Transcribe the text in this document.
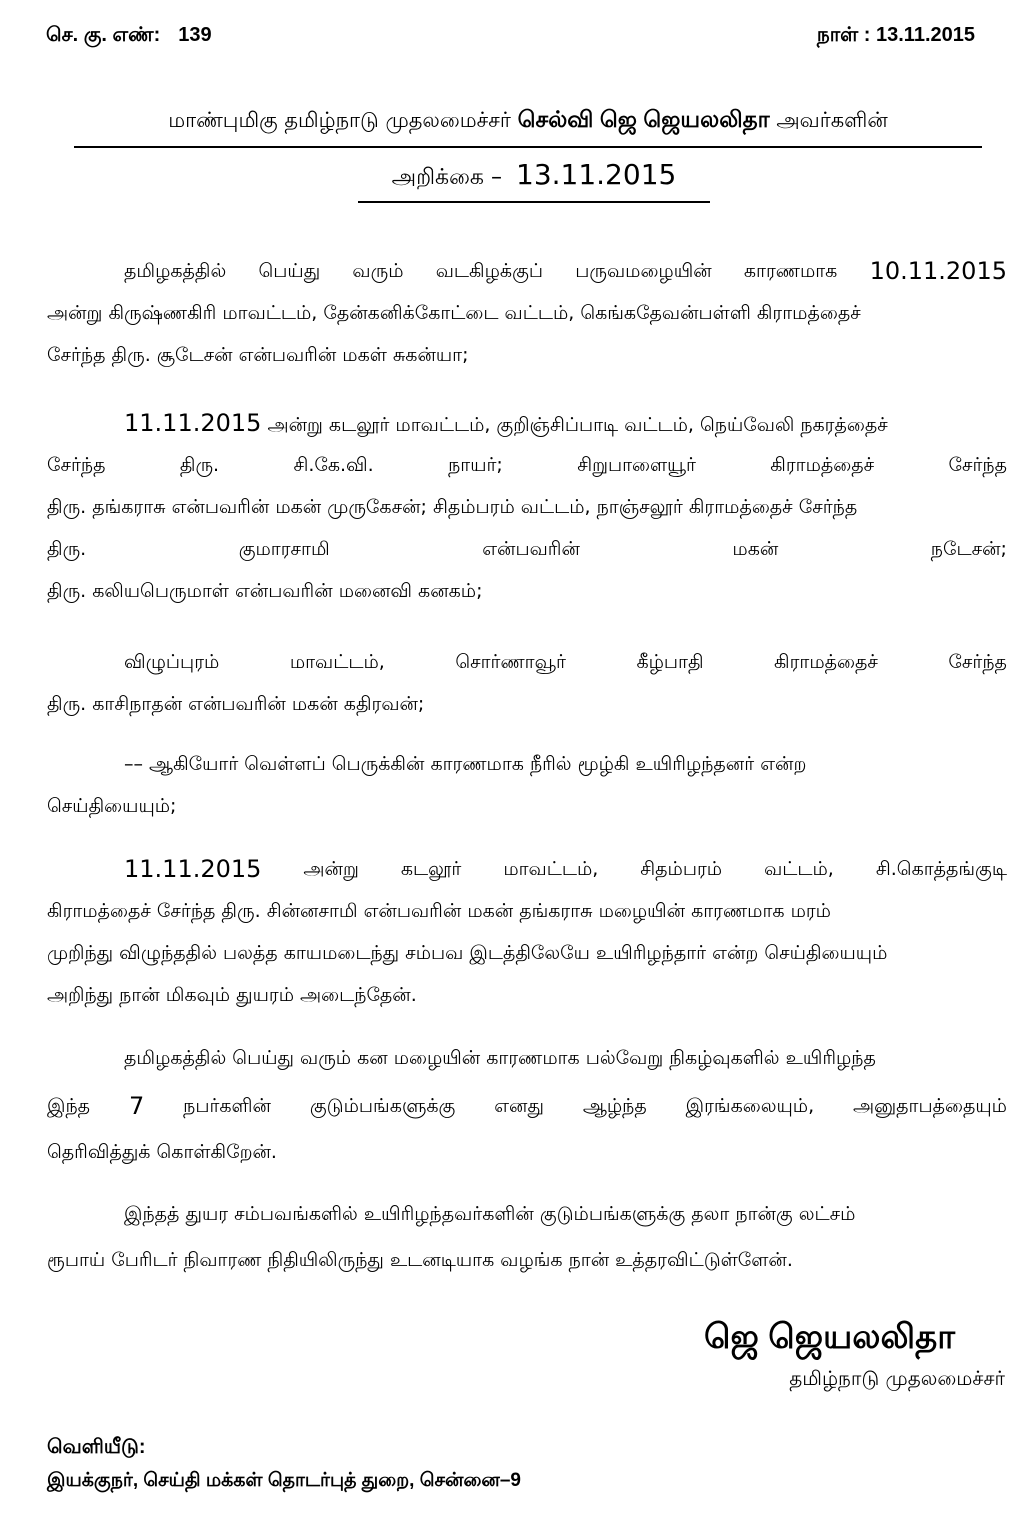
செ. கு. எண்: 139	நாள் : 13.11.2015
மாண்புமிகு தமிழ்நாடு முதலமைச்சர் செல்வி ஜெ ஜெயலலிதா அவர்களின்
அறிக்கை – 13.11.2015
தமிழகத்தில் பெய்து வரும் வடகிழக்குப் பருவமழையின் காரணமாக 10.11.2015
அன்று கிருஷ்ணகிரி மாவட்டம், தேன்கனிக்கோட்டை வட்டம், கெங்கதேவன்பள்ளி கிராமத்தைச்
சேர்ந்த திரு. சூடேசன் என்பவரின் மகள் சுகன்யா;
11.11.2015 அன்று கடலூர் மாவட்டம், குறிஞ்சிப்பாடி வட்டம், நெய்வேலி நகரத்தைச்
சேர்ந்த	திரு.	சி.கே.வி.	நாயர்;	சிறுபாளையூர்	கிராமத்தைச்	சேர்ந்த
திரு. தங்கராசு என்பவரின் மகன் முருகேசன்; சிதம்பரம் வட்டம், நாஞ்சலூர் கிராமத்தைச் சேர்ந்த
திரு.	குமாரசாமி	என்பவரின்	மகன்	நடேசன்;
திரு. கலியபெருமாள் என்பவரின் மனைவி கனகம்;
விழுப்புரம்	மாவட்டம்,	சொர்ணாவூர்	கீழ்பாதி	கிராமத்தைச்	சேர்ந்த
திரு. காசிநாதன் என்பவரின் மகன் கதிரவன்;
–– ஆகியோர் வெள்ளப் பெருக்கின் காரணமாக நீரில் மூழ்கி உயிரிழந்தனர் என்ற
செய்தியையும்;
11.11.2015 அன்று கடலூர் மாவட்டம், சிதம்பரம் வட்டம், சி.கொத்தங்குடி
கிராமத்தைச் சேர்ந்த திரு. சின்னசாமி என்பவரின் மகன் தங்கராசு மழையின் காரணமாக மரம்
முறிந்து விழுந்ததில் பலத்த காயமடைந்து சம்பவ இடத்திலேயே உயிரிழந்தார் என்ற செய்தியையும்
அறிந்து நான் மிகவும் துயரம் அடைந்தேன்.
தமிழகத்தில் பெய்து வரும் கன மழையின் காரணமாக பல்வேறு நிகழ்வுகளில் உயிரிழந்த
இந்த 7 நபர்களின் குடும்பங்களுக்கு எனது ஆழ்ந்த இரங்கலையும், அனுதாபத்தையும்
தெரிவித்துக் கொள்கிறேன்.
இந்தத் துயர சம்பவங்களில் உயிரிழந்தவர்களின் குடும்பங்களுக்கு தலா நான்கு லட்சம்
ரூபாய் பேரிடர் நிவாரண நிதியிலிருந்து உடனடியாக வழங்க நான் உத்தரவிட்டுள்ளேன்.
ஜெ ஜெயலலிதா
தமிழ்நாடு முதலமைச்சர்
வெளியீடு:
இயக்குநர், செய்தி மக்கள் தொடர்புத் துறை, சென்னை–9
